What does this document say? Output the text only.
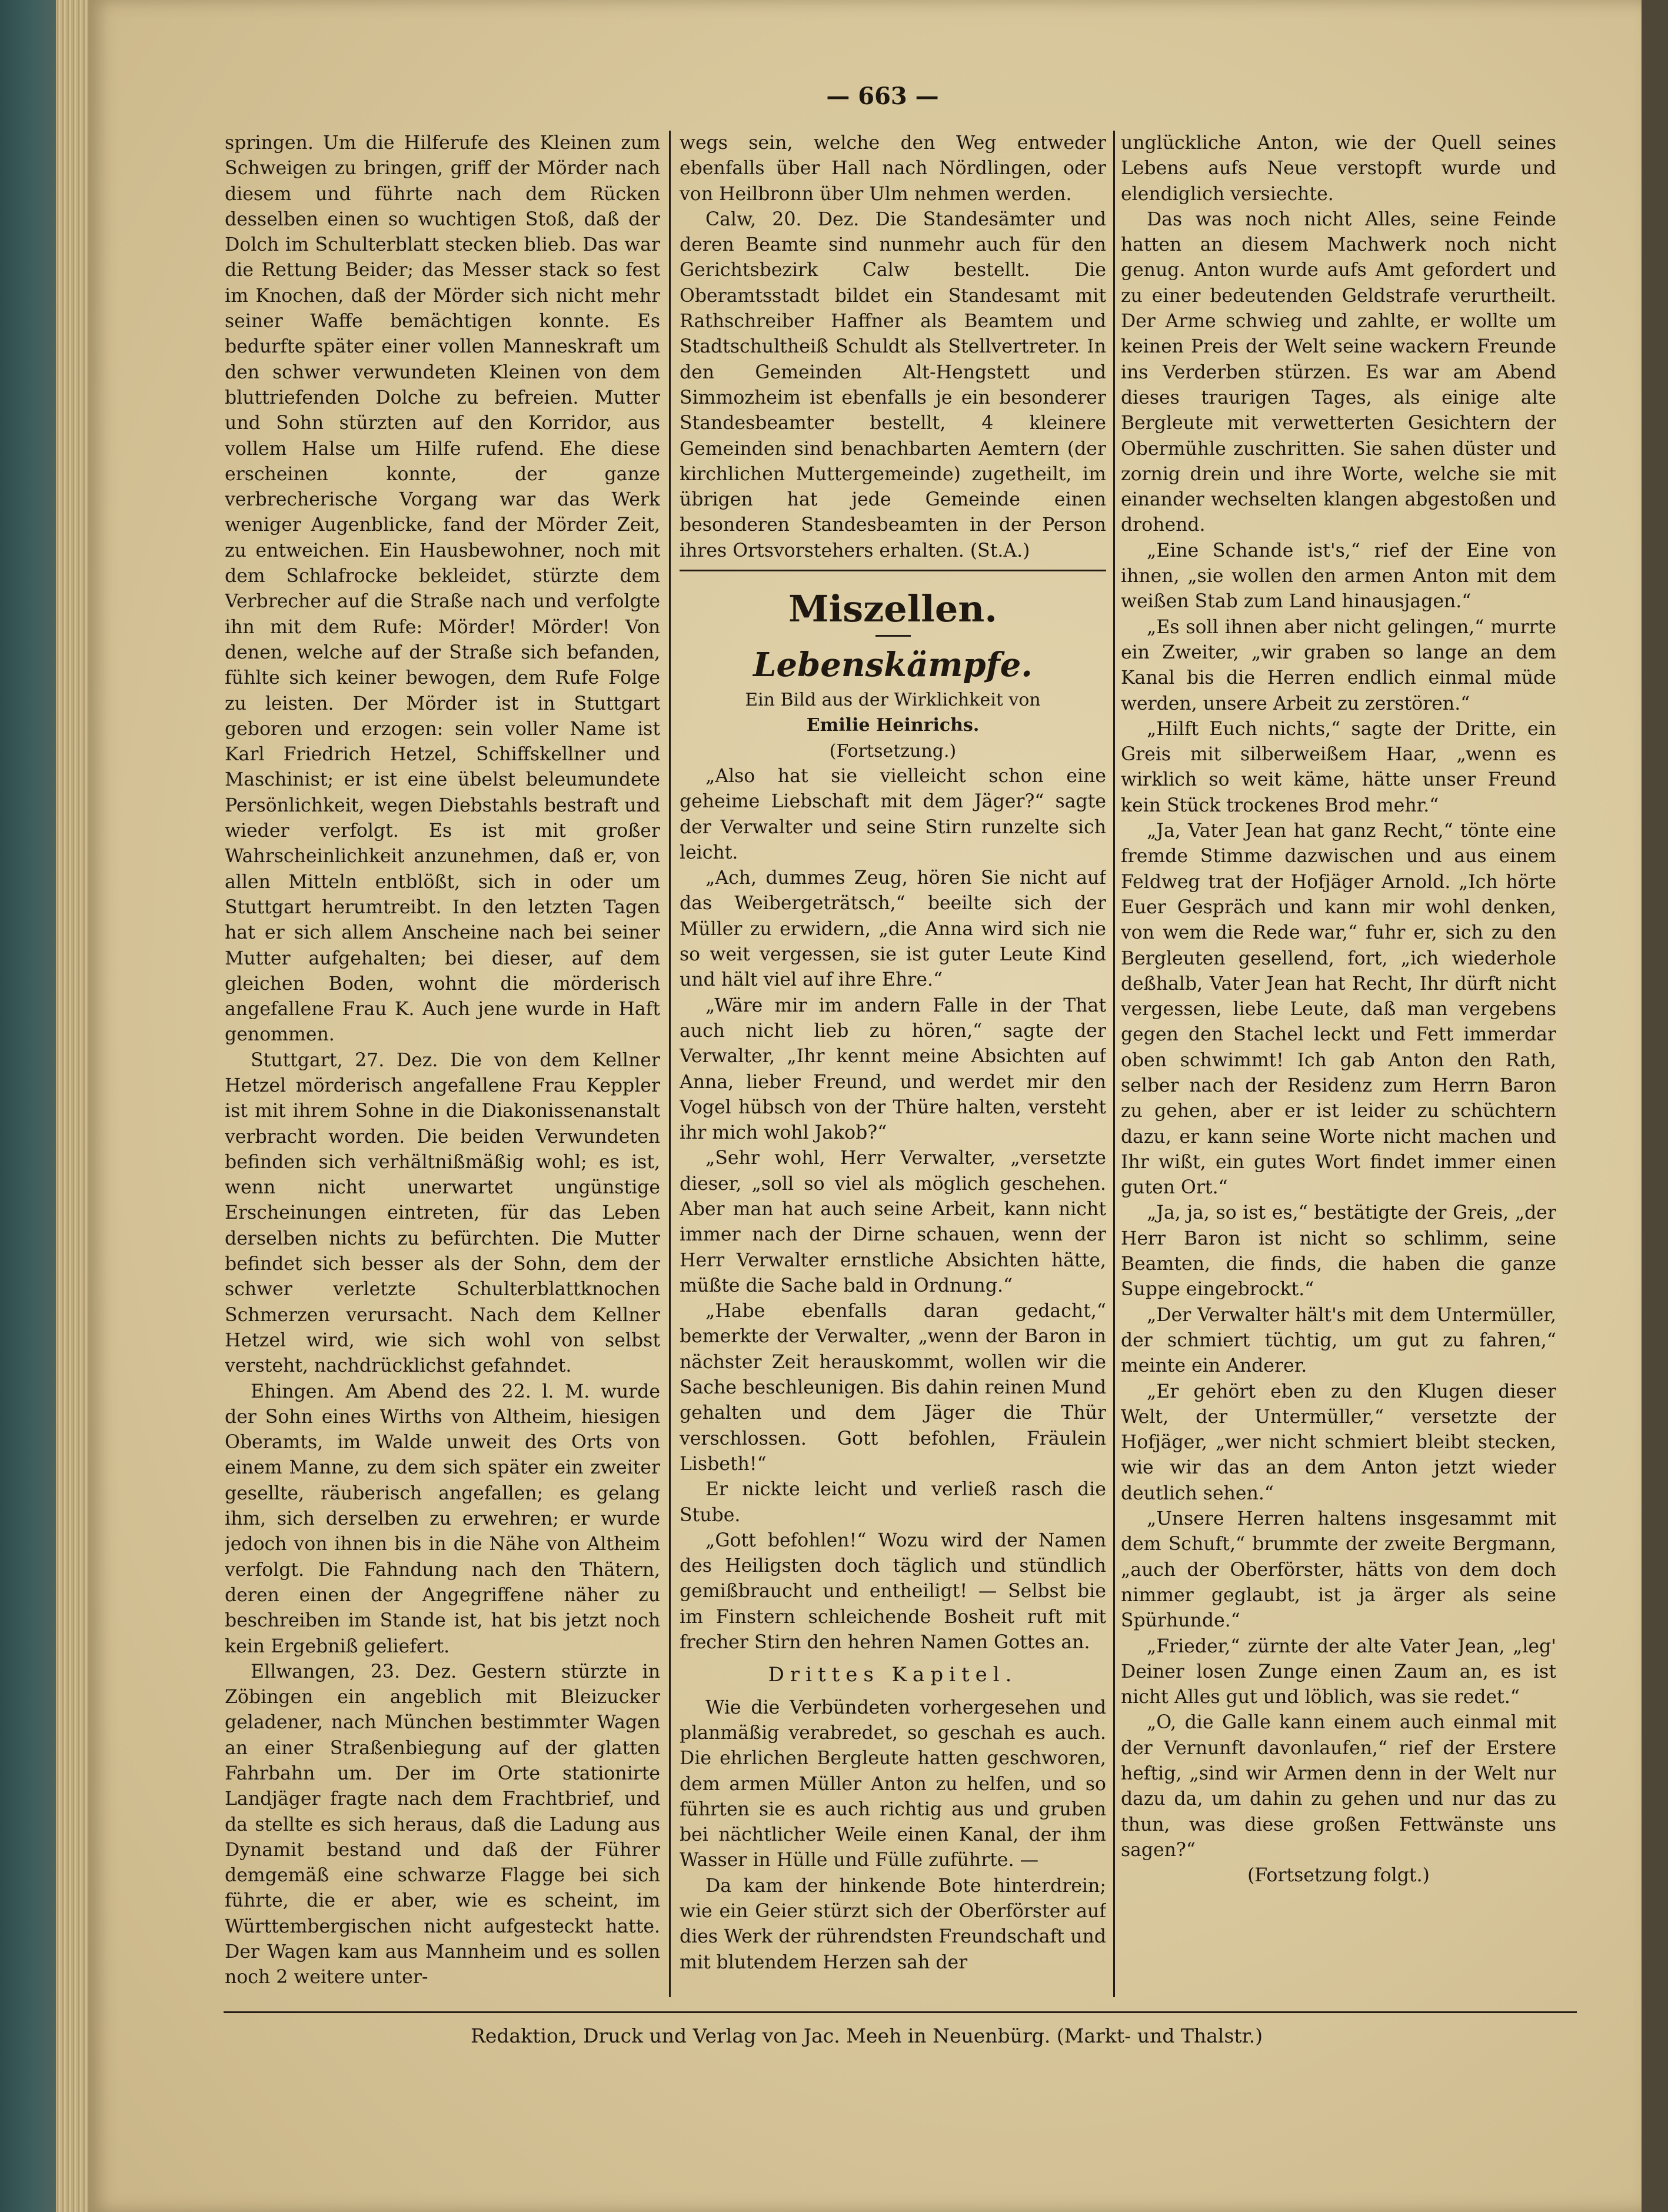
— 663 —

springen. Um die Hilferufe des Kleinen zum Schweigen zu bringen, griff der Mörder nach diesem und führte nach dem Rücken desselben einen so wuchtigen Stoß, daß der Dolch im Schulterblatt stecken blieb. Das war die Rettung Beider; das Messer stack so fest im Knochen, daß der Mörder sich nicht mehr seiner Waffe bemächtigen konnte. Es bedurfte später einer vollen Manneskraft um den schwer verwundeten Kleinen von dem bluttriefenden Dolche zu befreien. Mutter und Sohn stürzten auf den Korridor, aus vollem Halse um Hilfe rufend. Ehe diese erscheinen konnte, der ganze verbrecherische Vorgang war das Werk weniger Augenblicke, fand der Mörder Zeit, zu entweichen. Ein Hausbewohner, noch mit dem Schlafrocke bekleidet, stürzte dem Verbrecher auf die Straße nach und verfolgte ihn mit dem Rufe: Mörder! Mörder! Von denen, welche auf der Straße sich befanden, fühlte sich keiner bewogen, dem Rufe Folge zu leisten. Der Mörder ist in Stuttgart geboren und erzogen: sein voller Name ist Karl Friedrich Hetzel, Schiffskellner und Maschinist; er ist eine übelst beleumundete Persönlichkeit, wegen Diebstahls bestraft und wieder verfolgt. Es ist mit großer Wahrscheinlichkeit anzunehmen, daß er, von allen Mitteln entblößt, sich in oder um Stuttgart herumtreibt. In den letzten Tagen hat er sich allem Anscheine nach bei seiner Mutter aufgehalten; bei dieser, auf dem gleichen Boden, wohnt die mörderisch angefallene Frau K. Auch jene wurde in Haft genommen.

Stuttgart, 27. Dez. Die von dem Kellner Hetzel mörderisch angefallene Frau Keppler ist mit ihrem Sohne in die Diakonissenanstalt verbracht worden. Die beiden Verwundeten befinden sich verhältnißmäßig wohl; es ist, wenn nicht unerwartet ungünstige Erscheinungen eintreten, für das Leben derselben nichts zu befürchten. Die Mutter befindet sich besser als der Sohn, dem der schwer verletzte Schulterblattknochen Schmerzen verursacht. Nach dem Kellner Hetzel wird, wie sich wohl von selbst versteht, nachdrücklichst gefahndet.

Ehingen. Am Abend des 22. l. M. wurde der Sohn eines Wirths von Altheim, hiesigen Oberamts, im Walde unweit des Orts von einem Manne, zu dem sich später ein zweiter gesellte, räuberisch angefallen; es gelang ihm, sich derselben zu erwehren; er wurde jedoch von ihnen bis in die Nähe von Altheim verfolgt. Die Fahndung nach den Thätern, deren einen der Angegriffene näher zu beschreiben im Stande ist, hat bis jetzt noch kein Ergebniß geliefert.

Ellwangen, 23. Dez. Gestern stürzte in Zöbingen ein angeblich mit Bleizucker geladener, nach München bestimmter Wagen an einer Straßenbiegung auf der glatten Fahrbahn um. Der im Orte stationirte Landjäger fragte nach dem Frachtbrief, und da stellte es sich heraus, daß die Ladung aus Dynamit bestand und daß der Führer demgemäß eine schwarze Flagge bei sich führte, die er aber, wie es scheint, im Württembergischen nicht aufgesteckt hatte. Der Wagen kam aus Mannheim und es sollen noch 2 weitere unter-

wegs sein, welche den Weg entweder ebenfalls über Hall nach Nördlingen, oder von Heilbronn über Ulm nehmen werden.

Calw, 20. Dez. Die Standesämter und deren Beamte sind nunmehr auch für den Gerichtsbezirk Calw bestellt. Die Oberamtsstadt bildet ein Standesamt mit Rathschreiber Haffner als Beamtem und Stadtschultheiß Schuldt als Stellvertreter. In den Gemeinden Alt-Hengstett und Simmozheim ist ebenfalls je ein besonderer Standesbeamter bestellt, 4 kleinere Gemeinden sind benachbarten Aemtern (der kirchlichen Muttergemeinde) zugetheilt, im übrigen hat jede Gemeinde einen besonderen Standesbeamten in der Person ihres Ortsvorstehers erhalten. (St.A.)

Miszellen.
Lebenskämpfe.
Ein Bild aus der Wirklichkeit von
Emilie Heinrichs.
(Fortsetzung.)

„Also hat sie vielleicht schon eine geheime Liebschaft mit dem Jäger?“ sagte der Verwalter und seine Stirn runzelte sich leicht.

„Ach, dummes Zeug, hören Sie nicht auf das Weibergeträtsch,“ beeilte sich der Müller zu erwidern, „die Anna wird sich nie so weit vergessen, sie ist guter Leute Kind und hält viel auf ihre Ehre.“

„Wäre mir im andern Falle in der That auch nicht lieb zu hören,“ sagte der Verwalter, „Ihr kennt meine Absichten auf Anna, lieber Freund, und werdet mir den Vogel hübsch von der Thüre halten, versteht ihr mich wohl Jakob?“

„Sehr wohl, Herr Verwalter, „versetzte dieser, „soll so viel als möglich geschehen. Aber man hat auch seine Arbeit, kann nicht immer nach der Dirne schauen, wenn der Herr Verwalter ernstliche Absichten hätte, müßte die Sache bald in Ordnung.“

„Habe ebenfalls daran gedacht,“ bemerkte der Verwalter, „wenn der Baron in nächster Zeit herauskommt, wollen wir die Sache beschleunigen. Bis dahin reinen Mund gehalten und dem Jäger die Thür verschlossen. Gott befohlen, Fräulein Lisbeth!“

Er nickte leicht und verließ rasch die Stube.

„Gott befohlen!“ Wozu wird der Namen des Heiligsten doch täglich und stündlich gemißbraucht und entheiligt! — Selbst bie im Finstern schleichende Bosheit ruft mit frecher Stirn den hehren Namen Gottes an.

Drittes Kapitel.

Wie die Verbündeten vorhergesehen und planmäßig verabredet, so geschah es auch. Die ehrlichen Bergleute hatten geschworen, dem armen Müller Anton zu helfen, und so führten sie es auch richtig aus und gruben bei nächtlicher Weile einen Kanal, der ihm Wasser in Hülle und Fülle zuführte. —

Da kam der hinkende Bote hinterdrein; wie ein Geier stürzt sich der Oberförster auf dies Werk der rührendsten Freundschaft und mit blutendem Herzen sah der

unglückliche Anton, wie der Quell seines Lebens aufs Neue verstopft wurde und elendiglich versiechte.

Das was noch nicht Alles, seine Feinde hatten an diesem Machwerk noch nicht genug. Anton wurde aufs Amt gefordert und zu einer bedeutenden Geldstrafe verurtheilt. Der Arme schwieg und zahlte, er wollte um keinen Preis der Welt seine wackern Freunde ins Verderben stürzen. Es war am Abend dieses traurigen Tages, als einige alte Bergleute mit verwetterten Gesichtern der Obermühle zuschritten. Sie sahen düster und zornig drein und ihre Worte, welche sie mit einander wechselten klangen abgestoßen und drohend.

„Eine Schande ist's,“ rief der Eine von ihnen, „sie wollen den armen Anton mit dem weißen Stab zum Land hinausjagen.“

„Es soll ihnen aber nicht gelingen,“ murrte ein Zweiter, „wir graben so lange an dem Kanal bis die Herren endlich einmal müde werden, unsere Arbeit zu zerstören.“

„Hilft Euch nichts,“ sagte der Dritte, ein Greis mit silberweißem Haar, „wenn es wirklich so weit käme, hätte unser Freund kein Stück trockenes Brod mehr.“

„Ja, Vater Jean hat ganz Recht,“ tönte eine fremde Stimme dazwischen und aus einem Feldweg trat der Hofjäger Arnold. „Ich hörte Euer Gespräch und kann mir wohl denken, von wem die Rede war,“ fuhr er, sich zu den Bergleuten gesellend, fort, „ich wiederhole deßhalb, Vater Jean hat Recht, Ihr dürft nicht vergessen, liebe Leute, daß man vergebens gegen den Stachel leckt und Fett immerdar oben schwimmt! Ich gab Anton den Rath, selber nach der Residenz zum Herrn Baron zu gehen, aber er ist leider zu schüchtern dazu, er kann seine Worte nicht machen und Ihr wißt, ein gutes Wort findet immer einen guten Ort.“

„Ja, ja, so ist es,“ bestätigte der Greis, „der Herr Baron ist nicht so schlimm, seine Beamten, die finds, die haben die ganze Suppe eingebrockt.“

„Der Verwalter hält's mit dem Untermüller, der schmiert tüchtig, um gut zu fahren,“ meinte ein Anderer.

„Er gehört eben zu den Klugen dieser Welt, der Untermüller,“ versetzte der Hofjäger, „wer nicht schmiert bleibt stecken, wie wir das an dem Anton jetzt wieder deutlich sehen.“

„Unsere Herren haltens insgesammt mit dem Schuft,“ brummte der zweite Bergmann, „auch der Oberförster, hätts von dem doch nimmer geglaubt, ist ja ärger als seine Spürhunde.“

„Frieder,“ zürnte der alte Vater Jean, „leg' Deiner losen Zunge einen Zaum an, es ist nicht Alles gut und löblich, was sie redet.“

„O, die Galle kann einem auch einmal mit der Vernunft davonlaufen,“ rief der Erstere heftig, „sind wir Armen denn in der Welt nur dazu da, um dahin zu gehen und nur das zu thun, was diese großen Fettwänste uns sagen?“

(Fortsetzung folgt.)

Redaktion, Druck und Verlag von Jac. Meeh in Neuenbürg. (Markt- und Thalstr.)
